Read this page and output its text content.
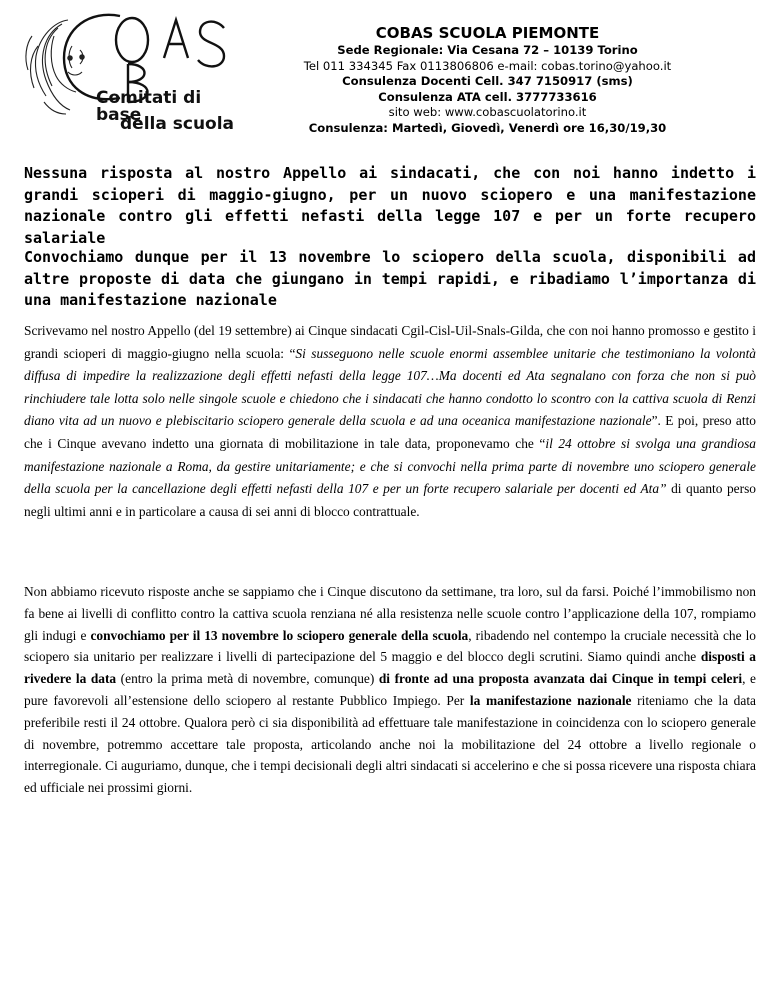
Comitati di base
della scuola
COBAS SCUOLA PIEMONTE
Sede Regionale: Via Cesana 72 – 10139 Torino
Tel 011 334345 Fax 0113806806 e-mail: cobas.torino@yahoo.it
Consulenza Docenti Cell. 347 7150917 (sms)
Consulenza ATA cell. 3777733616
sito web: www.cobascuolatorino.it
Consulenza: Martedì, Giovedì, Venerdì ore 16,30/19,30
Nessuna risposta al nostro Appello ai sindacati, che con noi hanno indetto i grandi scioperi di maggio-giugno, per un nuovo sciopero e una manifestazione nazionale contro gli effetti nefasti della legge 107 e per un forte recupero salariale
Convochiamo dunque per il 13 novembre lo sciopero della scuola, disponibili ad altre proposte di data che giungano in tempi rapidi, e ribadiamo l’importanza di una manifestazione nazionale

Scrivevamo nel nostro Appello (del 19 settembre) ai Cinque sindacati Cgil-Cisl-Uil-Snals-Gilda, che con noi hanno promosso e gestito i grandi scioperi di maggio-giugno nella scuola: “Si susseguono nelle scuole enormi assemblee unitarie che testimoniano la volontà diffusa di impedire la realizzazione degli effetti nefasti della legge 107…Ma docenti ed Ata segnalano con forza che non si può rinchiudere tale lotta solo nelle singole scuole e chiedono che i sindacati che hanno condotto lo scontro con la cattiva scuola di Renzi diano vita ad un nuovo e plebiscitario sciopero generale della scuola e ad una oceanica manifestazione nazionale”. E poi, preso atto che i Cinque avevano indetto una giornata di mobilitazione in tale data, proponevamo che “il 24 ottobre si svolga una grandiosa manifestazione nazionale a Roma, da gestire unitariamente; e che si convochi nella prima parte di novembre uno sciopero generale della scuola per la cancellazione degli effetti nefasti della 107 e per un forte recupero salariale per docenti ed Ata” di quanto perso negli ultimi anni e in particolare a causa di sei anni di blocco contrattuale.

Non abbiamo ricevuto risposte anche se sappiamo che i Cinque discutono da settimane, tra loro, sul da farsi. Poiché l’immobilismo non fa bene ai livelli di conflitto contro la cattiva scuola renziana né alla resistenza nelle scuole contro l’applicazione della 107, rompiamo gli indugi e convochiamo per il 13 novembre lo sciopero generale della scuola, ribadendo nel contempo la cruciale necessità che lo sciopero sia unitario per realizzare i livelli di partecipazione del 5 maggio e del blocco degli scrutini. Siamo quindi anche disposti a rivedere la data (entro la prima metà di novembre, comunque) di fronte ad una proposta avanzata dai Cinque in tempi celeri, e pure favorevoli all’estensione dello sciopero al restante Pubblico Impiego. Per la manifestazione nazionale riteniamo che la data preferibile resti il 24 ottobre. Qualora però ci sia disponibilità ad effettuare tale manifestazione in coincidenza con lo sciopero generale di novembre, potremmo accettare tale proposta, articolando anche noi la mobilitazione del 24 ottobre a livello regionale o interregionale. Ci auguriamo, dunque, che i tempi decisionali degli altri sindacati si accelerino e che si possa ricevere una risposta chiara ed ufficiale nei prossimi giorni.
